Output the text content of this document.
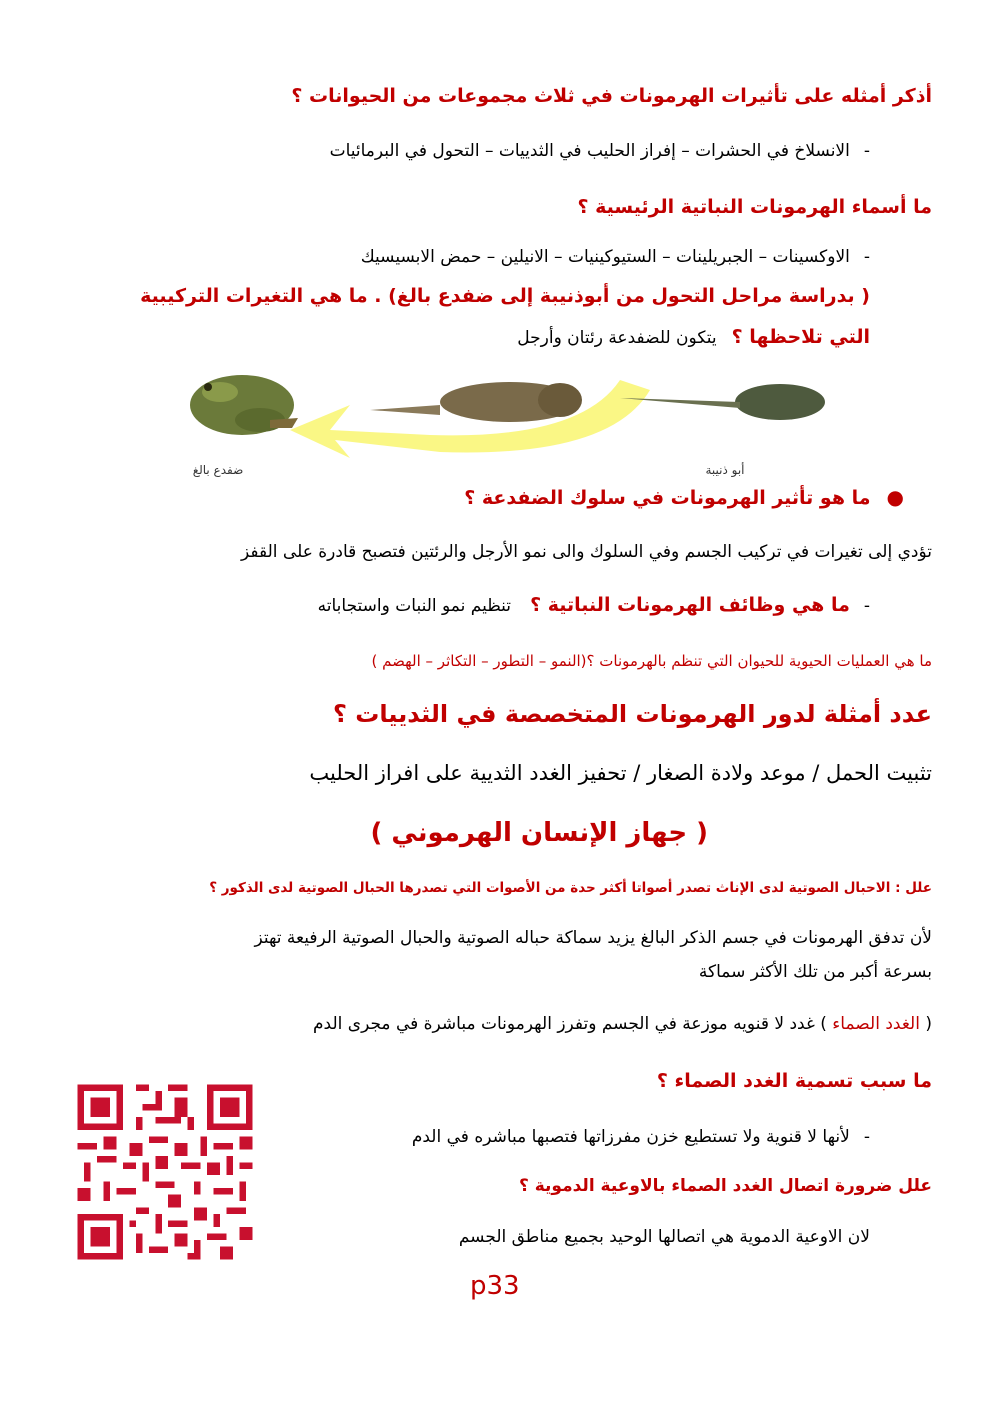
أذكر أمثله على تأثيرات الهرمونات في ثلاث مجموعات من الحيوانات ؟
-الانسلاخ في الحشرات – إفراز الحليب في الثدييات – التحول في البرمائيات
ما أسماء الهرمونات النباتية الرئيسية ؟
-الاوكسينات – الجبريلينات – الستيوكينيات – الانيلين – حمض الابسيسيك
( بدراسة مراحل التحول من أبوذنيبة إلى ضفدع بالغ) . ما هي التغيرات التركيبية
التي تلاحظها ؟ يتكون للضفدعة رئتان وأرجل
ضفدع بالغ	أبو ذنيبة
●ما هو تأثير الهرمونات في سلوك الضفدعة ؟
تؤدي إلى تغيرات في تركيب الجسم وفي السلوك والى نمو الأرجل والرئتين فتصبح قادرة على القفز
-ما هي وظائف الهرمونات النباتية ؟ تنظيم نمو النبات واستجاباته
ما هي العمليات الحيوية للحيوان التي تنظم بالهرمونات ؟(النمو – التطور – التكاثر – الهضم )
عدد أمثلة لدور الهرمونات المتخصصة في الثدييات ؟
تثبيت الحمل / موعد ولادة الصغار / تحفيز الغدد الثديية على افراز الحليب
( جهاز الإنسان الهرموني )
علل : الاحبال الصوتية لدى الإناث تصدر أصواتا أكثر حدة من الأصوات التي تصدرها الحبال الصوتية لدى الذكور ؟
لأن تدفق الهرمونات في جسم الذكر البالغ يزيد سماكة حباله الصوتية والحبال الصوتية الرفيعة تهتز
بسرعة أكبر من تلك الأكثر سماكة
( الغدد الصماء ) غدد لا قنويه موزعة في الجسم وتفرز الهرمونات مباشرة في مجرى الدم
ما سبب تسمية الغدد الصماء ؟
-لأنها لا قنوية ولا تستطيع خزن مفرزاتها فتصبها مباشره في الدم
علل ضرورة اتصال الغدد الصماء بالاوعية الدموية ؟
لان الاوعية الدموية هي اتصالها الوحيد بجميع مناطق الجسم
p33
